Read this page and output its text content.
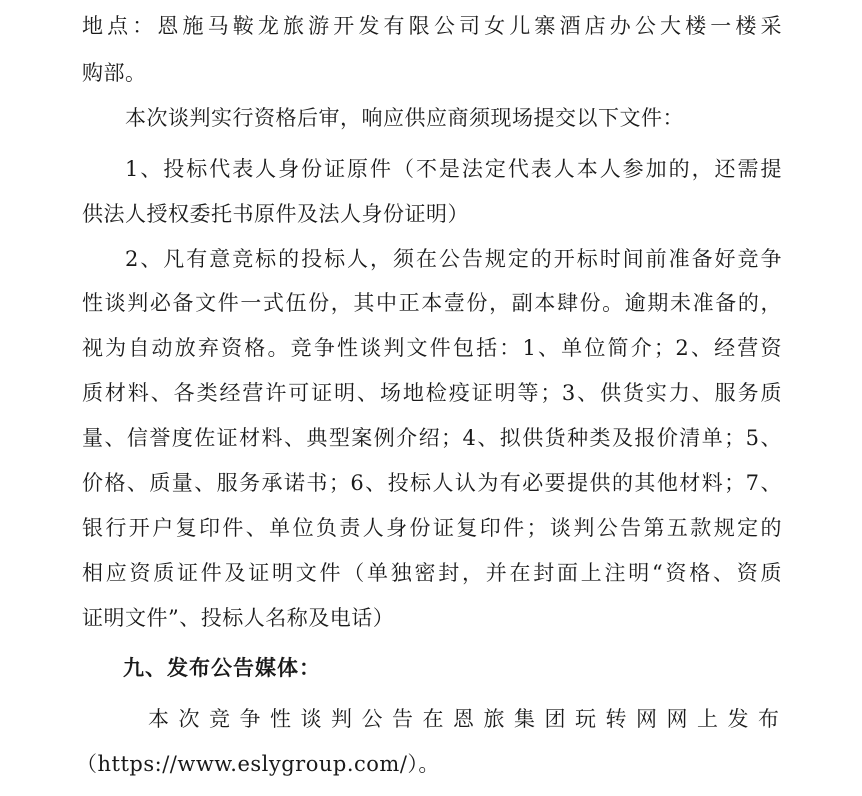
地点：恩施马鞍龙旅游开发有限公司女儿寨酒店办公大楼一楼采
购部。
本次谈判实行资格后审，响应供应商须现场提交以下文件：
1、投标代表人身份证原件（不是法定代表人本人参加的，还需提
供法人授权委托书原件及法人身份证明）
2、凡有意竞标的投标人，须在公告规定的开标时间前准备好竞争
性谈判必备文件一式伍份，其中正本壹份，副本肆份。逾期未准备的，
视为自动放弃资格。竞争性谈判文件包括：1、单位简介；2、经营资
质材料、各类经营许可证明、场地检疫证明等；3、供货实力、服务质
量、信誉度佐证材料、典型案例介绍；4、拟供货种类及报价清单；5、
价格、质量、服务承诺书；6、投标人认为有必要提供的其他材料；7、
银行开户复印件、单位负责人身份证复印件；谈判公告第五款规定的
相应资质证件及证明文件（单独密封，并在封面上注明“资格、资质
证明文件”、投标人名称及电话）
九、发布公告媒体：
本次竞争性谈判公告在恩旅集团玩转网网上发布
（https://www.eslygroup.com/）。
